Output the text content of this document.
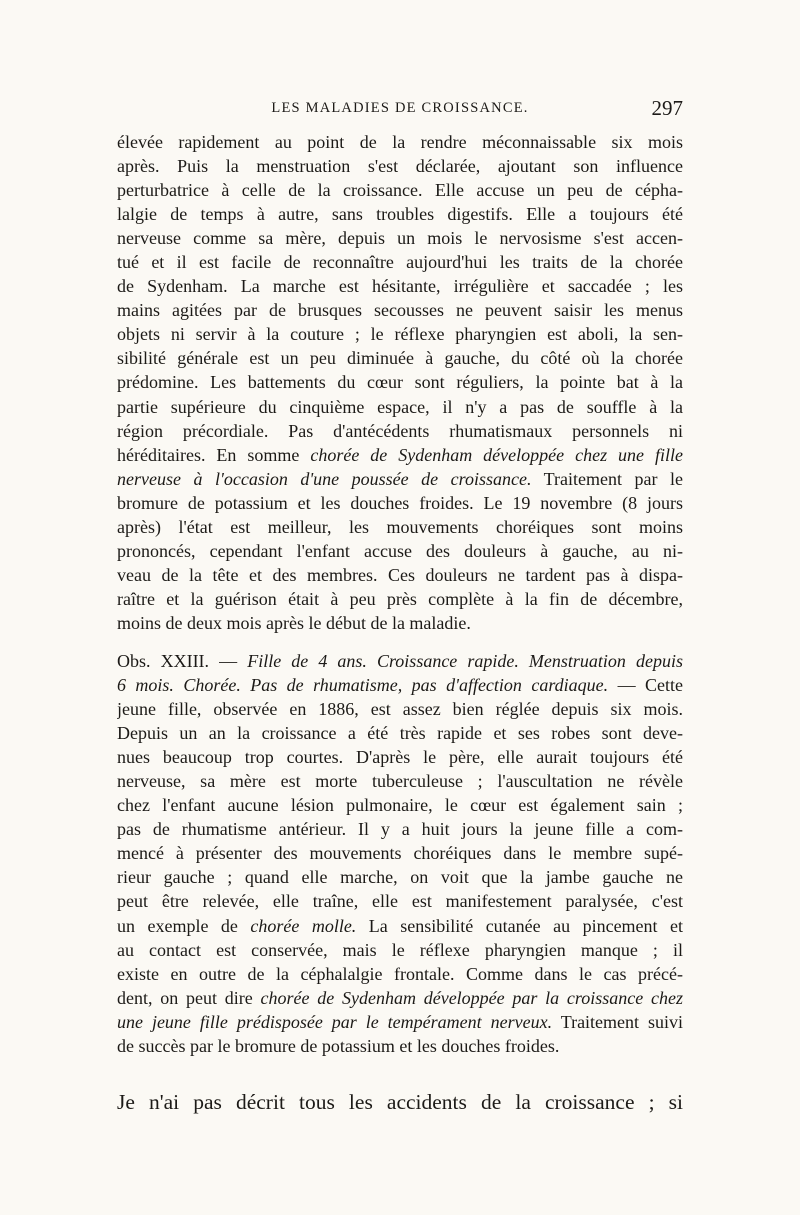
LES MALADIES DE CROISSANCE.	297
élevée rapidement au point de la rendre méconnaissable six mois
après. Puis la menstruation s'est déclarée, ajoutant son influence
perturbatrice à celle de la croissance. Elle accuse un peu de cépha-
lalgie de temps à autre, sans troubles digestifs. Elle a toujours été
nerveuse comme sa mère, depuis un mois le nervosisme s'est accen-
tué et il est facile de reconnaître aujourd'hui les traits de la chorée
de Sydenham. La marche est hésitante, irrégulière et saccadée ; les
mains agitées par de brusques secousses ne peuvent saisir les menus
objets ni servir à la couture ; le réflexe pharyngien est aboli, la sen-
sibilité générale est un peu diminuée à gauche, du côté où la chorée
prédomine. Les battements du cœur sont réguliers, la pointe bat à la
partie supérieure du cinquième espace, il n'y a pas de souffle à la
région précordiale. Pas d'antécédents rhumatismaux personnels ni
héréditaires. En somme chorée de Sydenham développée chez une fille
nerveuse à l'occasion d'une poussée de croissance. Traitement par le
bromure de potassium et les douches froides. Le 19 novembre (8 jours
après) l'état est meilleur, les mouvements choréiques sont moins
prononcés, cependant l'enfant accuse des douleurs à gauche, au ni-
veau de la tête et des membres. Ces douleurs ne tardent pas à dispa-
raître et la guérison était à peu près complète à la fin de décembre,
moins de deux mois après le début de la maladie.
Obs. XXIII. — Fille de 4 ans. Croissance rapide. Menstruation depuis
6 mois. Chorée. Pas de rhumatisme, pas d'affection cardiaque. — Cette
jeune fille, observée en 1886, est assez bien réglée depuis six mois.
Depuis un an la croissance a été très rapide et ses robes sont deve-
nues beaucoup trop courtes. D'après le père, elle aurait toujours été
nerveuse, sa mère est morte tuberculeuse ; l'auscultation ne révèle
chez l'enfant aucune lésion pulmonaire, le cœur est également sain ;
pas de rhumatisme antérieur. Il y a huit jours la jeune fille a com-
mencé à présenter des mouvements choréiques dans le membre supé-
rieur gauche ; quand elle marche, on voit que la jambe gauche ne
peut être relevée, elle traîne, elle est manifestement paralysée, c'est
un exemple de chorée molle. La sensibilité cutanée au pincement et
au contact est conservée, mais le réflexe pharyngien manque ; il
existe en outre de la céphalalgie frontale. Comme dans le cas précé-
dent, on peut dire chorée de Sydenham développée par la croissance chez
une jeune fille prédisposée par le tempérament nerveux. Traitement suivi
de succès par le bromure de potassium et les douches froides.
Je n'ai pas décrit tous les accidents de la croissance ; si
